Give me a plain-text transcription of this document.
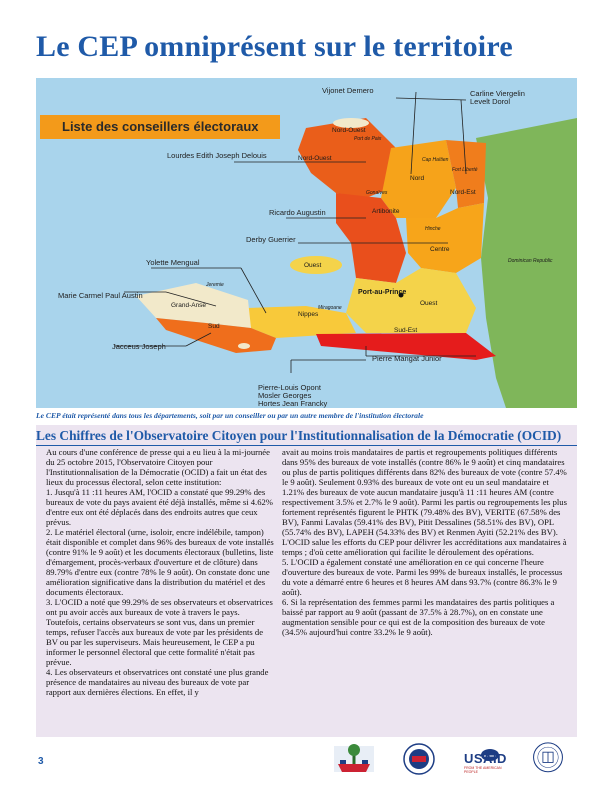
Le CEP omniprésent sur le territoire
Liste des conseillers électoraux
Vijonet Demero	Carline Viergelin
Levelt Dorol
Lourdes Edith Joseph Delouis
Ricardo Augustin
Derby Guerrier
Yolette Mengual
Marie Carmel Paul Austin
Jacceus Joseph
Pierre Mangat Junior
Pierre-Louis Opont
Mosler Georges
Hortes Jean Francky
Nord-Ouest
Port de Paix
Nord-Ouest	Cap Haïtien
Nord
Fort Liberté
Nord-Est
Gonaïves
Artibonite
Hinche
Centre
Ouest
Dominican Republic
Jeremie
Grand-Anse
Port-au-Prince
Ouest
Nippes
Miragoane
Sud
Sud-Est
Le CEP était représenté dans tous les départements, soit par un conseiller ou par un autre membre de l'institution électorale
Les Chiffres de l'Observatoire Citoyen pour l'Institutionnalisation de la Démocratie (OCID)

Au cours d'une conférence de presse qui a eu lieu à la mi-journée du 25 octobre 2015, l'Observatoire Citoyen pour l'Institutionnalisation de la Démocratie (OCID) a fait un état des lieux du processus électoral, selon cette institution:

1. Jusqu'à 11 :11 heures AM, l'OCID a constaté que 99.29% des bureaux de vote du pays avaient été déjà installés, même si 4.62% d'entre eux ont été déplacés dans des endroits autres que ceux prévus.

2. Le matériel électoral (urne, isoloir, encre indélébile, tampon) était disponible et complet dans 96% des bureaux de vote installés (contre 91% le 9 août) et les documents électoraux (bulletins, liste d'émargement, procès-verbaux d'ouverture et de clôture) dans 89.79% d'entre eux (contre 78% le 9 août). On constate donc une amélioration significative dans la distribution du matériel et des documents électoraux.

3. L'OCID a noté que 99.29% de ses observateurs et observatrices ont pu avoir accès aux bureaux de vote à travers le pays. Toutefois, certains observateurs se sont vus, dans un premier temps, refuser l'accès aux bureaux de vote par les présidents de BV ou par les superviseurs. Mais heureusement, le CEP a pu informer le personnel électoral que cette formalité n'était pas prévue.

4. Les observateurs et observatrices ont constaté une plus grande présence de mandataires au niveau des bureaux de vote par rapport aux dernières élections. En effet, il y

avait au moins trois mandataires de partis et regroupements politiques différents dans 95% des bureaux de vote installés (contre 86% le 9 août) et cinq mandataires ou plus de partis politiques différents dans 82% des bureaux de vote (contre 57.4% le 9 août). Seulement 0.93% des bureaux de vote ont eu un seul mandataire et 1.21% des bureaux de vote aucun mandataire jusqu'à 11 :11 heures AM (contre respectivement 3.5% et 2.7% le 9 août). Parmi les partis ou regroupements les plus fortement représentés figurent le PHTK (79.48% des BV), VERITE (67.58% des BV), Fanmi Lavalas (59.41% des BV), Pitit Dessalines (58.51% des BV), OPL (55.74% des BV), LAPEH (54.33% des BV) et Renmen Ayiti (52.21% des BV). L'OCID salue les efforts du CEP pour délivrer les accréditations aux mandataires à temps ; d'où cette amélioration qui facilite le déroulement des opérations.

5. L'OCID a également constaté une amélioration en ce qui concerne l'heure d'ouverture des bureaux de vote. Parmi les 99% de bureaux installés, le processus du vote a démarré entre 6 heures et 8 heures AM dans 93.7% (contre 86.3% le 9 août).

6. Si la représentation des femmes parmi les mandataires des partis politiques a baissé par rapport au 9 août (passant de 37.5% à 28.7%), on en constate une augmentation sensible pour ce qui est de la composition des bureaux de vote (34.5% aujourd'hui contre 33.2% le 9 août).

3	USAID
FROM THE AMERICAN PEOPLE
